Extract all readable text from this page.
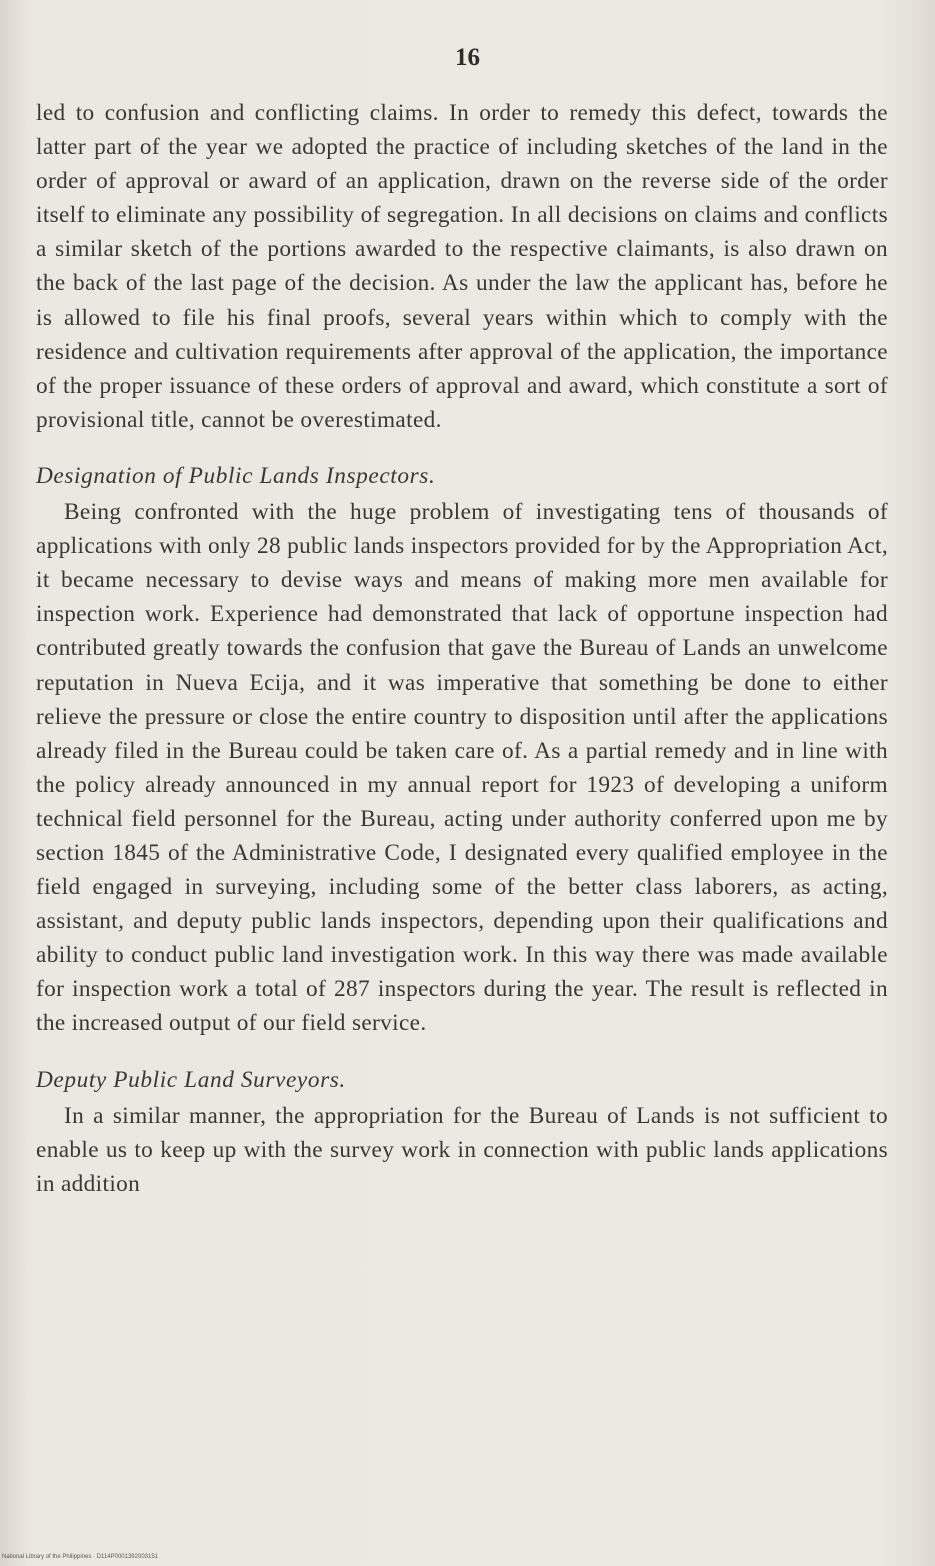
16

led to confusion and conflicting claims. In order to remedy this defect, towards the latter part of the year we adopted the practice of including sketches of the land in the order of approval or award of an application, drawn on the reverse side of the order itself to eliminate any possibility of segregation. In all decisions on claims and conflicts a similar sketch of the portions awarded to the respective claimants, is also drawn on the back of the last page of the decision. As under the law the applicant has, before he is allowed to file his final proofs, several years within which to comply with the residence and cultivation requirements after approval of the application, the importance of the proper issuance of these orders of approval and award, which constitute a sort of provisional title, cannot be overestimated.

Designation of Public Lands Inspectors.

Being confronted with the huge problem of investigating tens of thousands of applications with only 28 public lands inspectors provided for by the Appropriation Act, it became necessary to devise ways and means of making more men available for inspection work. Experience had demonstrated that lack of opportune inspection had contributed greatly towards the confusion that gave the Bureau of Lands an unwelcome reputation in Nueva Ecija, and it was imperative that something be done to either relieve the pressure or close the entire country to disposition until after the applications already filed in the Bureau could be taken care of. As a partial remedy and in line with the policy already announced in my annual report for 1923 of developing a uniform technical field personnel for the Bureau, acting under authority conferred upon me by section 1845 of the Administrative Code, I designated every qualified employee in the field engaged in surveying, including some of the better class laborers, as acting, assistant, and deputy public lands inspectors, depending upon their qualifications and ability to conduct public land investigation work. In this way there was made available for inspection work a total of 287 inspectors during the year. The result is reflected in the increased output of our field service.

Deputy Public Land Surveyors.

In a similar manner, the appropriation for the Bureau of Lands is not sufficient to enable us to keep up with the survey work in connection with public lands applications in addition

National Library of the Philippines · D114P0001392003151
